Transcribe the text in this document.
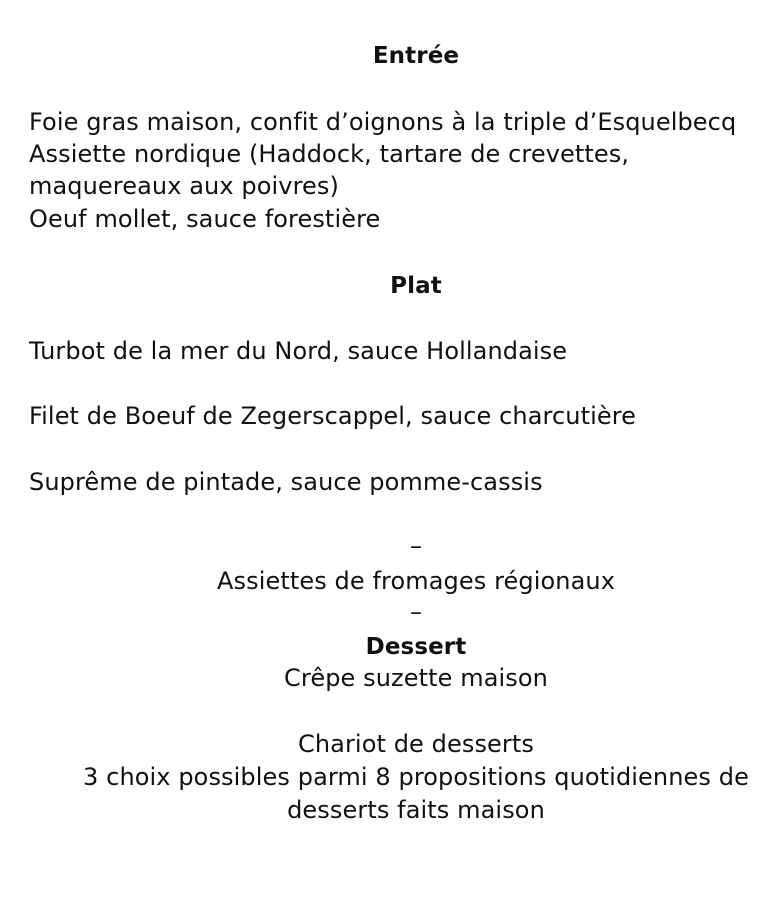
Entrée
Foie gras maison, confit d’oignons à la triple d’Esquelbecq
Assiette nordique (Haddock, tartare de crevettes,
maquereaux aux poivres)
Oeuf mollet, sauce forestière
Plat
Turbot de la mer du Nord, sauce Hollandaise
Filet de Boeuf de Zegerscappel, sauce charcutière
Suprême de pintade, sauce pomme-cassis
–
Assiettes de fromages régionaux
–
Dessert
Crêpe suzette maison
Chariot de desserts
3 choix possibles parmi 8 propositions quotidiennes de
desserts faits maison
